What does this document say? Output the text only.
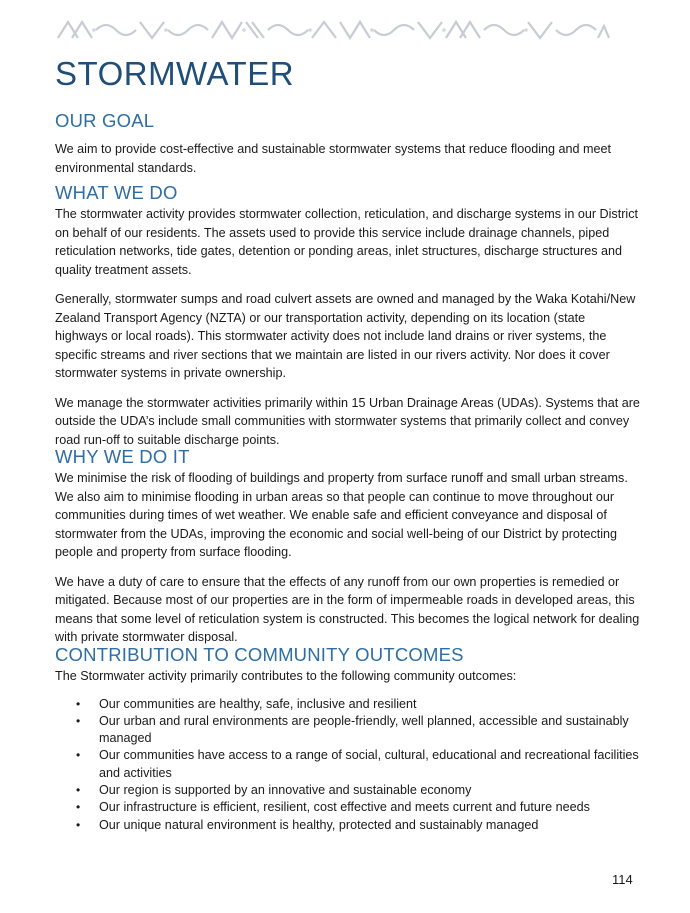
STORMWATER
OUR GOAL

We aim to provide cost-effective and sustainable stormwater systems that reduce flooding and meet environmental standards.

WHAT WE DO

The stormwater activity provides stormwater collection, reticulation, and discharge systems in our District on behalf of our residents. The assets used to provide this service include drainage channels, piped reticulation networks, tide gates, detention or ponding areas, inlet structures, discharge structures and quality treatment assets.

Generally, stormwater sumps and road culvert assets are owned and managed by the Waka Kotahi/New Zealand Transport Agency (NZTA) or our transportation activity, depending on its location (state highways or local roads). This stormwater activity does not include land drains or river systems, the specific streams and river sections that we maintain are listed in our rivers activity. Nor does it cover stormwater systems in private ownership.

We manage the stormwater activities primarily within 15 Urban Drainage Areas (UDAs). Systems that are outside the UDA’s include small communities with stormwater systems that primarily collect and convey road run-off to suitable discharge points.

WHY WE DO IT

We minimise the risk of flooding of buildings and property from surface runoff and small urban streams. We also aim to minimise flooding in urban areas so that people can continue to move throughout our communities during times of wet weather. We enable safe and efficient conveyance and disposal of stormwater from the UDAs, improving the economic and social well-being of our District by protecting people and property from surface flooding.

We have a duty of care to ensure that the effects of any runoff from our own properties is remedied or mitigated. Because most of our properties are in the form of impermeable roads in developed areas, this means that some level of reticulation system is constructed. This becomes the logical network for dealing with private stormwater disposal.

CONTRIBUTION TO COMMUNITY OUTCOMES

The Stormwater activity primarily contributes to the following community outcomes:

• Our communities are healthy, safe, inclusive and resilient
• Our urban and rural environments are people-friendly, well planned, accessible and sustainably managed
• Our communities have access to a range of social, cultural, educational and recreational facilities and activities
• Our region is supported by an innovative and sustainable economy
• Our infrastructure is efficient, resilient, cost effective and meets current and future needs
• Our unique natural environment is healthy, protected and sustainably managed
114
